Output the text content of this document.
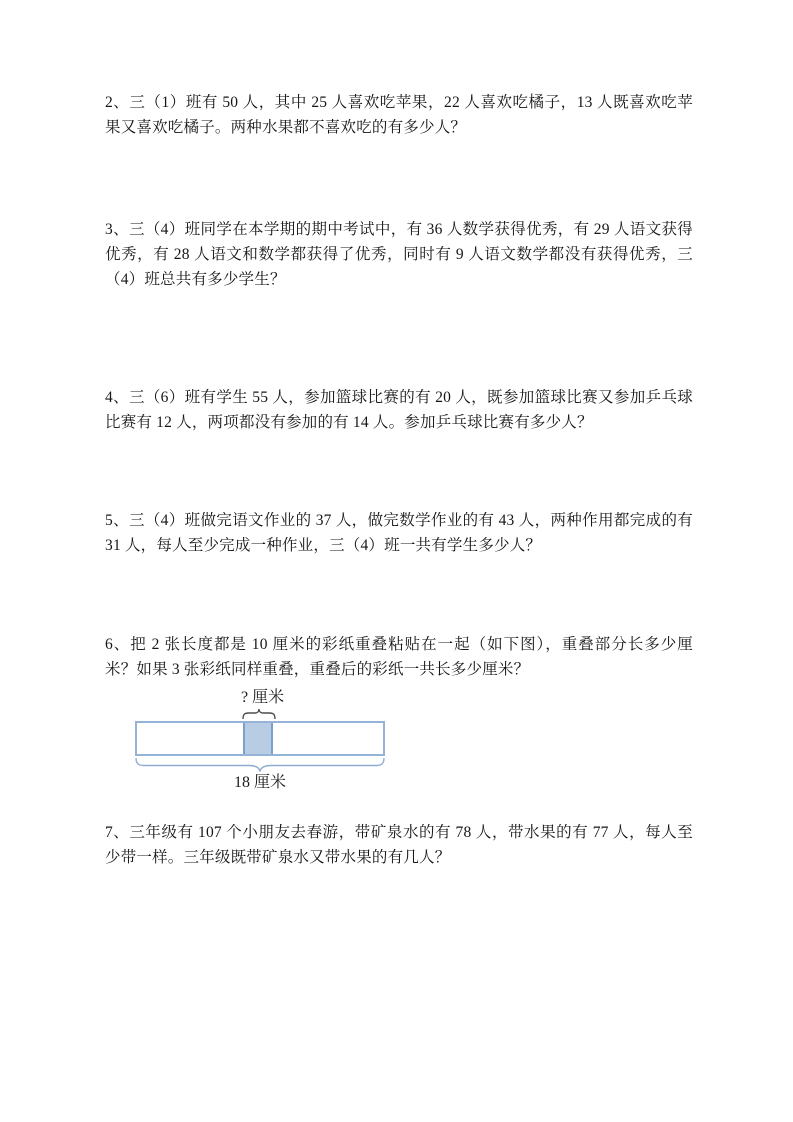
2、三（1）班有 50 人，其中 25 人喜欢吃苹果，22 人喜欢吃橘子，13 人既喜欢吃苹果又喜欢吃橘子。两种水果都不喜欢吃的有多少人？

3、三（4）班同学在本学期的期中考试中，有 36 人数学获得优秀，有 29 人语文获得优秀，有 28 人语文和数学都获得了优秀，同时有 9 人语文数学都没有获得优秀，三（4）班总共有多少学生？

4、三（6）班有学生 55 人，参加篮球比赛的有 20 人，既参加篮球比赛又参加乒乓球比赛有 12 人，两项都没有参加的有 14 人。参加乒乓球比赛有多少人？

5、三（4）班做完语文作业的 37 人，做完数学作业的有 43 人，两种作用都完成的有 31 人，每人至少完成一种作业，三（4）班一共有学生多少人？

6、把 2 张长度都是 10 厘米的彩纸重叠粘贴在一起（如下图），重叠部分长多少厘米？如果 3 张彩纸同样重叠，重叠后的彩纸一共长多少厘米？

? 厘米
18 厘米

7、三年级有 107 个小朋友去春游，带矿泉水的有 78 人，带水果的有 77 人，每人至少带一样。三年级既带矿泉水又带水果的有几人？
